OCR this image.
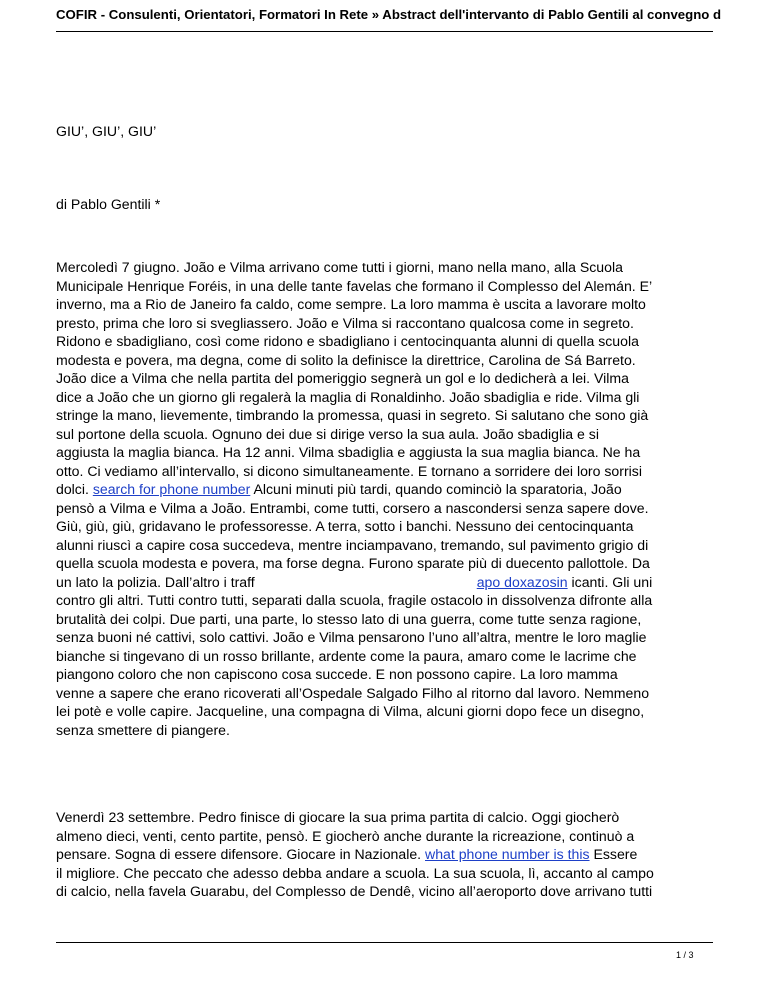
COFIR - Consulenti, Orientatori, Formatori In Rete » Abstract dell'intervanto di Pablo Gentili al convegno d
GIU’, GIU’, GIU’
di Pablo Gentili *
Mercoledì 7 giugno. João e Vilma arrivano come tutti i giorni, mano nella mano, alla Scuola
Municipale Henrique Foréis, in una delle tante favelas che formano il Complesso del Alemán. E’
inverno, ma a Rio de Janeiro fa caldo, come sempre. La loro mamma è uscita a lavorare molto
presto, prima che loro si svegliassero. João e Vilma si raccontano qualcosa come in segreto.
Ridono e sbadigliano, così come ridono e sbadigliano i centocinquanta alunni di quella scuola
modesta e povera, ma degna, come di solito la definisce la direttrice, Carolina de Sá Barreto.
João dice a Vilma che nella partita del pomeriggio segnerà un gol e lo dedicherà a lei. Vilma
dice a João che un giorno gli regalerà la maglia di Ronaldinho. João sbadiglia e ride. Vilma gli
stringe la mano, lievemente, timbrando la promessa, quasi in segreto. Si salutano che sono già
sul portone della scuola. Ognuno dei due si dirige verso la sua aula. João sbadiglia e si
aggiusta la maglia bianca. Ha 12 anni. Vilma sbadiglia e aggiusta la sua maglia bianca. Ne ha
otto. Ci vediamo all’intervallo, si dicono simultaneamente. E tornano a sorridere dei loro sorrisi
dolci. search for phone number Alcuni minuti più tardi, quando cominciò la sparatoria, João
pensò a Vilma e Vilma a João. Entrambi, come tutti, corsero a nascondersi senza sapere dove.
Giù, giù, giù, gridavano le professoresse. A terra, sotto i banchi. Nessuno dei centocinquanta
alunni riuscì a capire cosa succedeva, mentre inciampavano, tremando, sul pavimento grigio di
quella scuola modesta e povera, ma forse degna. Furono sparate più di duecento pallottole. Da
un lato la polizia. Dall’altro i traff	apo doxazosin icanti. Gli uni
contro gli altri. Tutti contro tutti, separati dalla scuola, fragile ostacolo in dissolvenza difronte alla
brutalità dei colpi. Due parti, una parte, lo stesso lato di una guerra, come tutte senza ragione,
senza buoni né cattivi, solo cattivi. João e Vilma pensarono l’uno all’altra, mentre le loro maglie
bianche si tingevano di un rosso brillante, ardente come la paura, amaro come le lacrime che
piangono coloro che non capiscono cosa succede. E non possono capire. La loro mamma
venne a sapere che erano ricoverati all’Ospedale Salgado Filho al ritorno dal lavoro. Nemmeno
lei potè e volle capire. Jacqueline, una compagna di Vilma, alcuni giorni dopo fece un disegno,
senza smettere di piangere.
Venerdì 23 settembre. Pedro finisce di giocare la sua prima partita di calcio. Oggi giocherò
almeno dieci, venti, cento partite, pensò. E giocherò anche durante la ricreazione, continuò a
pensare. Sogna di essere difensore. Giocare in Nazionale. what phone number is this Essere
il migliore. Che peccato che adesso debba andare a scuola. La sua scuola, lì, accanto al campo
di calcio, nella favela Guarabu, del Complesso de Dendê, vicino all’aeroporto dove arrivano tutti
1 / 3
